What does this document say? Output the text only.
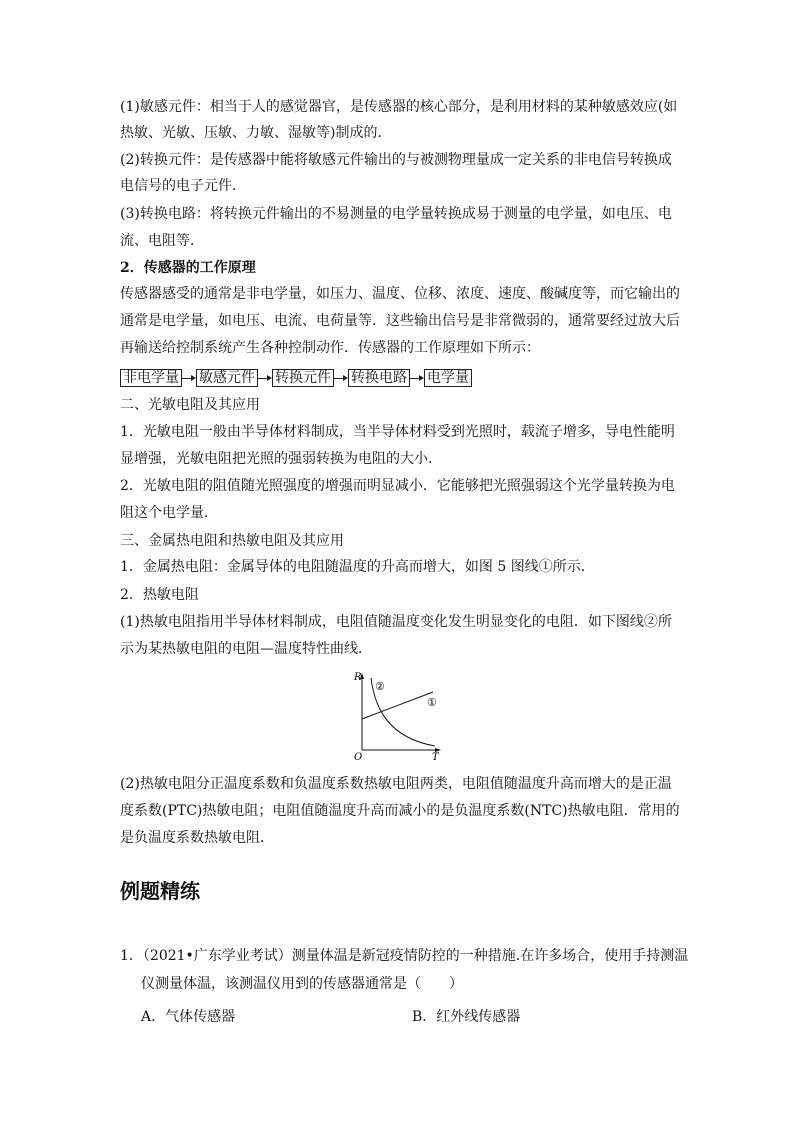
(1)敏感元件：相当于人的感觉器官，是传感器的核心部分，是利用材料的某种敏感效应(如
热敏、光敏、压敏、力敏、湿敏等)制成的．
(2)转换元件：是传感器中能将敏感元件输出的与被测物理量成一定关系的非电信号转换成
电信号的电子元件．
(3)转换电路：将转换元件输出的不易测量的电学量转换成易于测量的电学量，如电压、电
流、电阻等．
2．传感器的工作原理
传感器感受的通常是非电学量，如压力、温度、位移、浓度、速度、酸碱度等，而它输出的
通常是电学量，如电压、电流、电荷量等．这些输出信号是非常微弱的，通常要经过放大后
再输送给控制系统产生各种控制动作．传感器的工作原理如下所示：
非电学量 敏感元件 转换元件 转换电路 电学量
二、光敏电阻及其应用
1．光敏电阻一般由半导体材料制成，当半导体材料受到光照时，载流子增多，导电性能明
显增强，光敏电阻把光照的强弱转换为电阻的大小．
2．光敏电阻的阻值随光照强度的增强而明显减小．它能够把光照强弱这个光学量转换为电
阻这个电学量．
三、金属热电阻和热敏电阻及其应用
1．金属热电阻：金属导体的电阻随温度的升高而增大，如图 5 图线①所示．
2．热敏电阻
(1)热敏电阻指用半导体材料制成，电阻值随温度变化发生明显变化的电阻．如下图线②所
示为某热敏电阻的电阻—温度特性曲线．
R
T
O
②
①
(2)热敏电阻分正温度系数和负温度系数热敏电阻两类，电阻值随温度升高而增大的是正温
度系数(PTC)热敏电阻；电阻值随温度升高而减小的是负温度系数(NTC)热敏电阻．常用的
是负温度系数热敏电阻．
例题精练
1．（2021•广东学业考试）测量体温是新冠疫情防控的一种措施.在许多场合，使用手持测温
仪测量体温，该测温仪用到的传感器通常是（　　）
A．气体传感器	B．红外线传感器
